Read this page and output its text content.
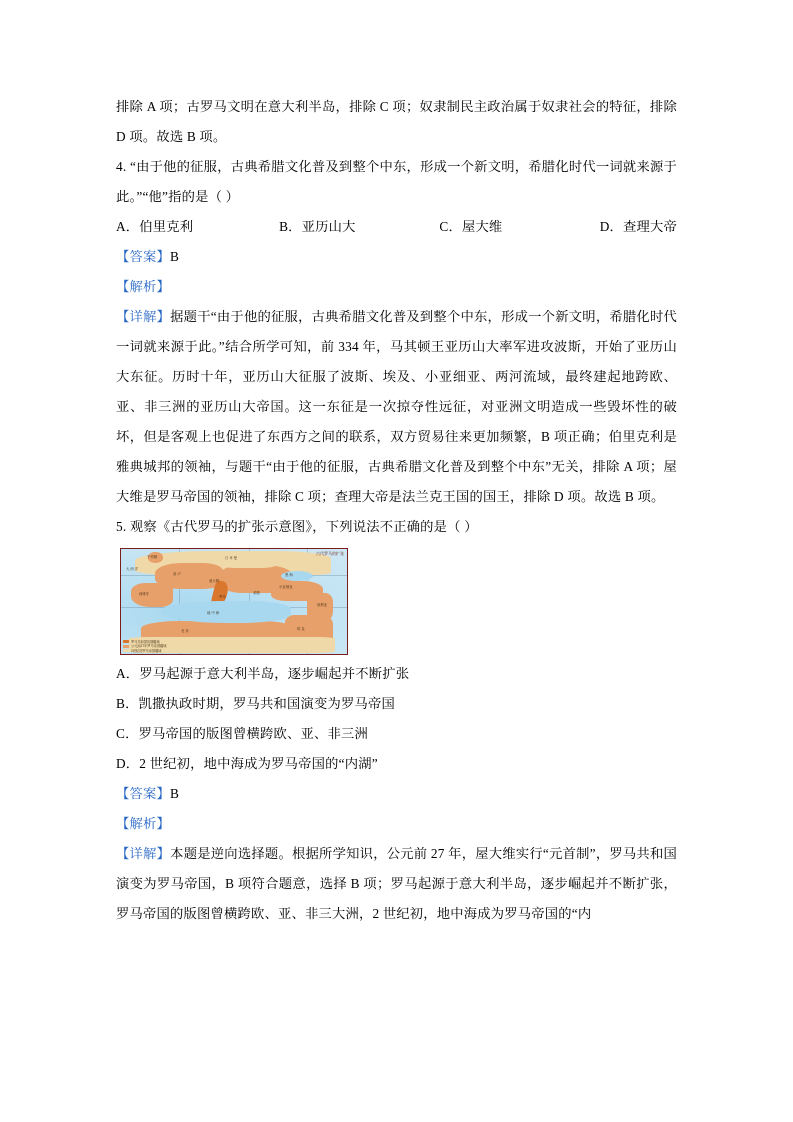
排除 A 项；古罗马文明在意大利半岛，排除 C 项；奴隶制民主政治属于奴隶社会的特征，排除 D 项。故选 B 项。

4. “由于他的征服，古典希腊文化普及到整个中东，形成一个新文明，希腊化时代一词就来源于此。”“他”指的是（ ）

A．伯里克利	B．亚历山大	C．屋大维	D．查理大帝
【答案】B
【解析】

【详解】据题干“由于他的征服，古典希腊文化普及到整个中东，形成一个新文明，希腊化时代一词就来源于此。”结合所学可知，前 334 年，马其顿王亚历山大率军进攻波斯，开始了亚历山大东征。历时十年，亚历山大征服了波斯、埃及、小亚细亚、两河流域，最终建起地跨欧、亚、非三洲的亚历山大帝国。这一东征是一次掠夺性远征，对亚洲文明造成一些毁坏性的破坏，但是客观上也促进了东西方之间的联系，双方贸易往来更加频繁，B 项正确；伯里克利是雅典城邦的领袖，与题干“由于他的征服，古典希腊文化普及到整个中东”无关，排除 A 项；屋大维是罗马帝国的领袖，排除 C 项；查理大帝是法兰克王国的国王，排除 D 项。故选 B 项。

5. 观察《古代罗马的扩张示意图》，下列说法不正确的是（ ）

大 西 洋
不列颠
高 卢
日 耳 曼
黑 海
西班牙
意大利
罗马
希腊
小亚细亚
地 中 海
埃 及
北 非
叙利亚
古代罗马的扩张
罗马共和国初期疆域
公元前27年罗马帝国疆域
2世纪初罗马帝国疆域
A．罗马起源于意大利半岛，逐步崛起并不断扩张
B．凯撒执政时期，罗马共和国演变为罗马帝国
C．罗马帝国的版图曾横跨欧、亚、非三洲
D．2 世纪初，地中海成为罗马帝国的“内湖”
【答案】B
【解析】

【详解】本题是逆向选择题。根据所学知识，公元前 27 年，屋大维实行“元首制”，罗马共和国演变为罗马帝国，B 项符合题意，选择 B 项；罗马起源于意大利半岛，逐步崛起并不断扩张，罗马帝国的版图曾横跨欧、亚、非三大洲，2 世纪初，地中海成为罗马帝国的“内
